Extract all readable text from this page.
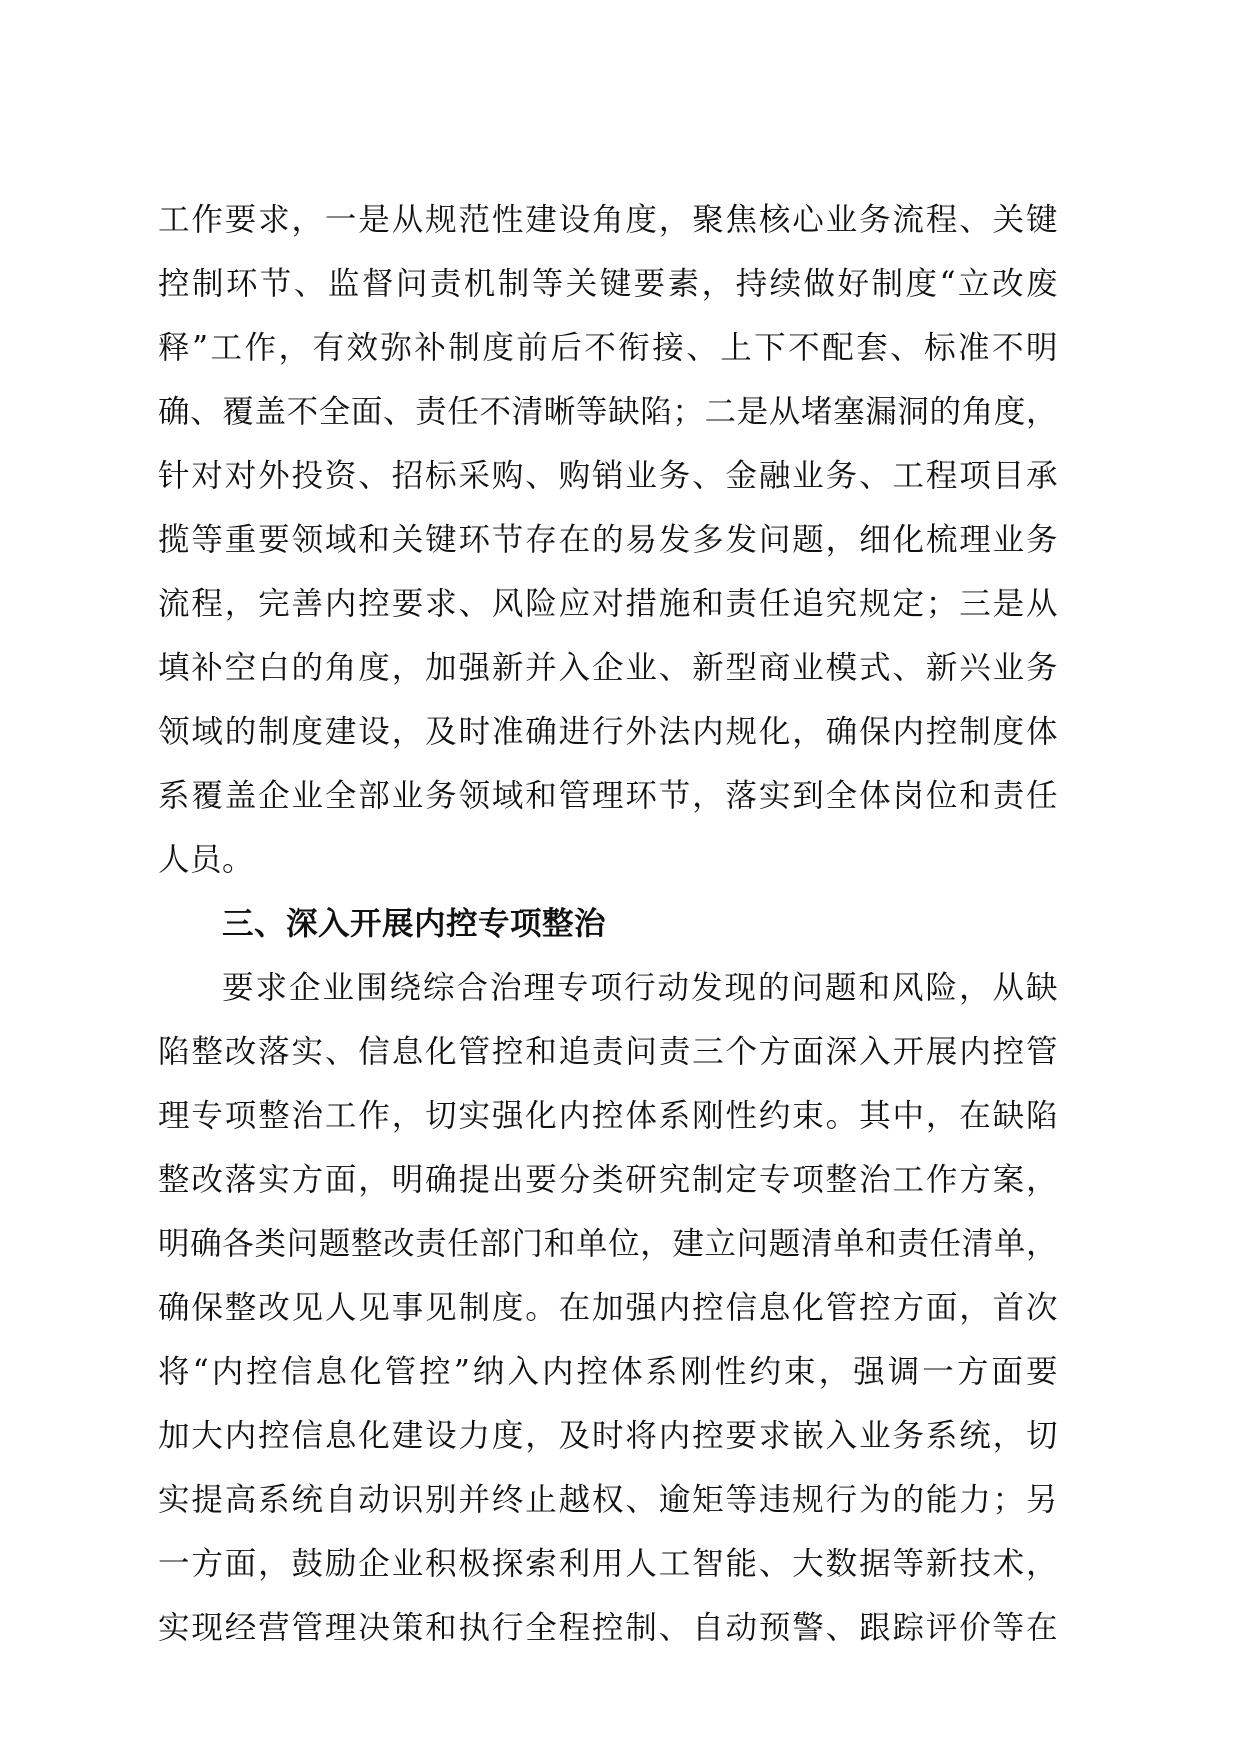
工作要求，一是从规范性建设角度，聚焦核心业务流程、关键
控制环节、监督问责机制等关键要素，持续做好制度“立改废
释”工作，有效弥补制度前后不衔接、上下不配套、标准不明
确、覆盖不全面、责任不清晰等缺陷；二是从堵塞漏洞的角度，
针对对外投资、招标采购、购销业务、金融业务、工程项目承
揽等重要领域和关键环节存在的易发多发问题，细化梳理业务
流程，完善内控要求、风险应对措施和责任追究规定；三是从
填补空白的角度，加强新并入企业、新型商业模式、新兴业务
领域的制度建设，及时准确进行外法内规化，确保内控制度体
系覆盖企业全部业务领域和管理环节，落实到全体岗位和责任
人员。
三、深入开展内控专项整治
要求企业围绕综合治理专项行动发现的问题和风险，从缺
陷整改落实、信息化管控和追责问责三个方面深入开展内控管
理专项整治工作，切实强化内控体系刚性约束。其中，在缺陷
整改落实方面，明确提出要分类研究制定专项整治工作方案，
明确各类问题整改责任部门和单位，建立问题清单和责任清单，
确保整改见人见事见制度。在加强内控信息化管控方面，首次
将“内控信息化管控”纳入内控体系刚性约束，强调一方面要
加大内控信息化建设力度，及时将内控要求嵌入业务系统，切
实提高系统自动识别并终止越权、逾矩等违规行为的能力；另
一方面，鼓励企业积极探索利用人工智能、大数据等新技术，
实现经营管理决策和执行全程控制、自动预警、跟踪评价等在
